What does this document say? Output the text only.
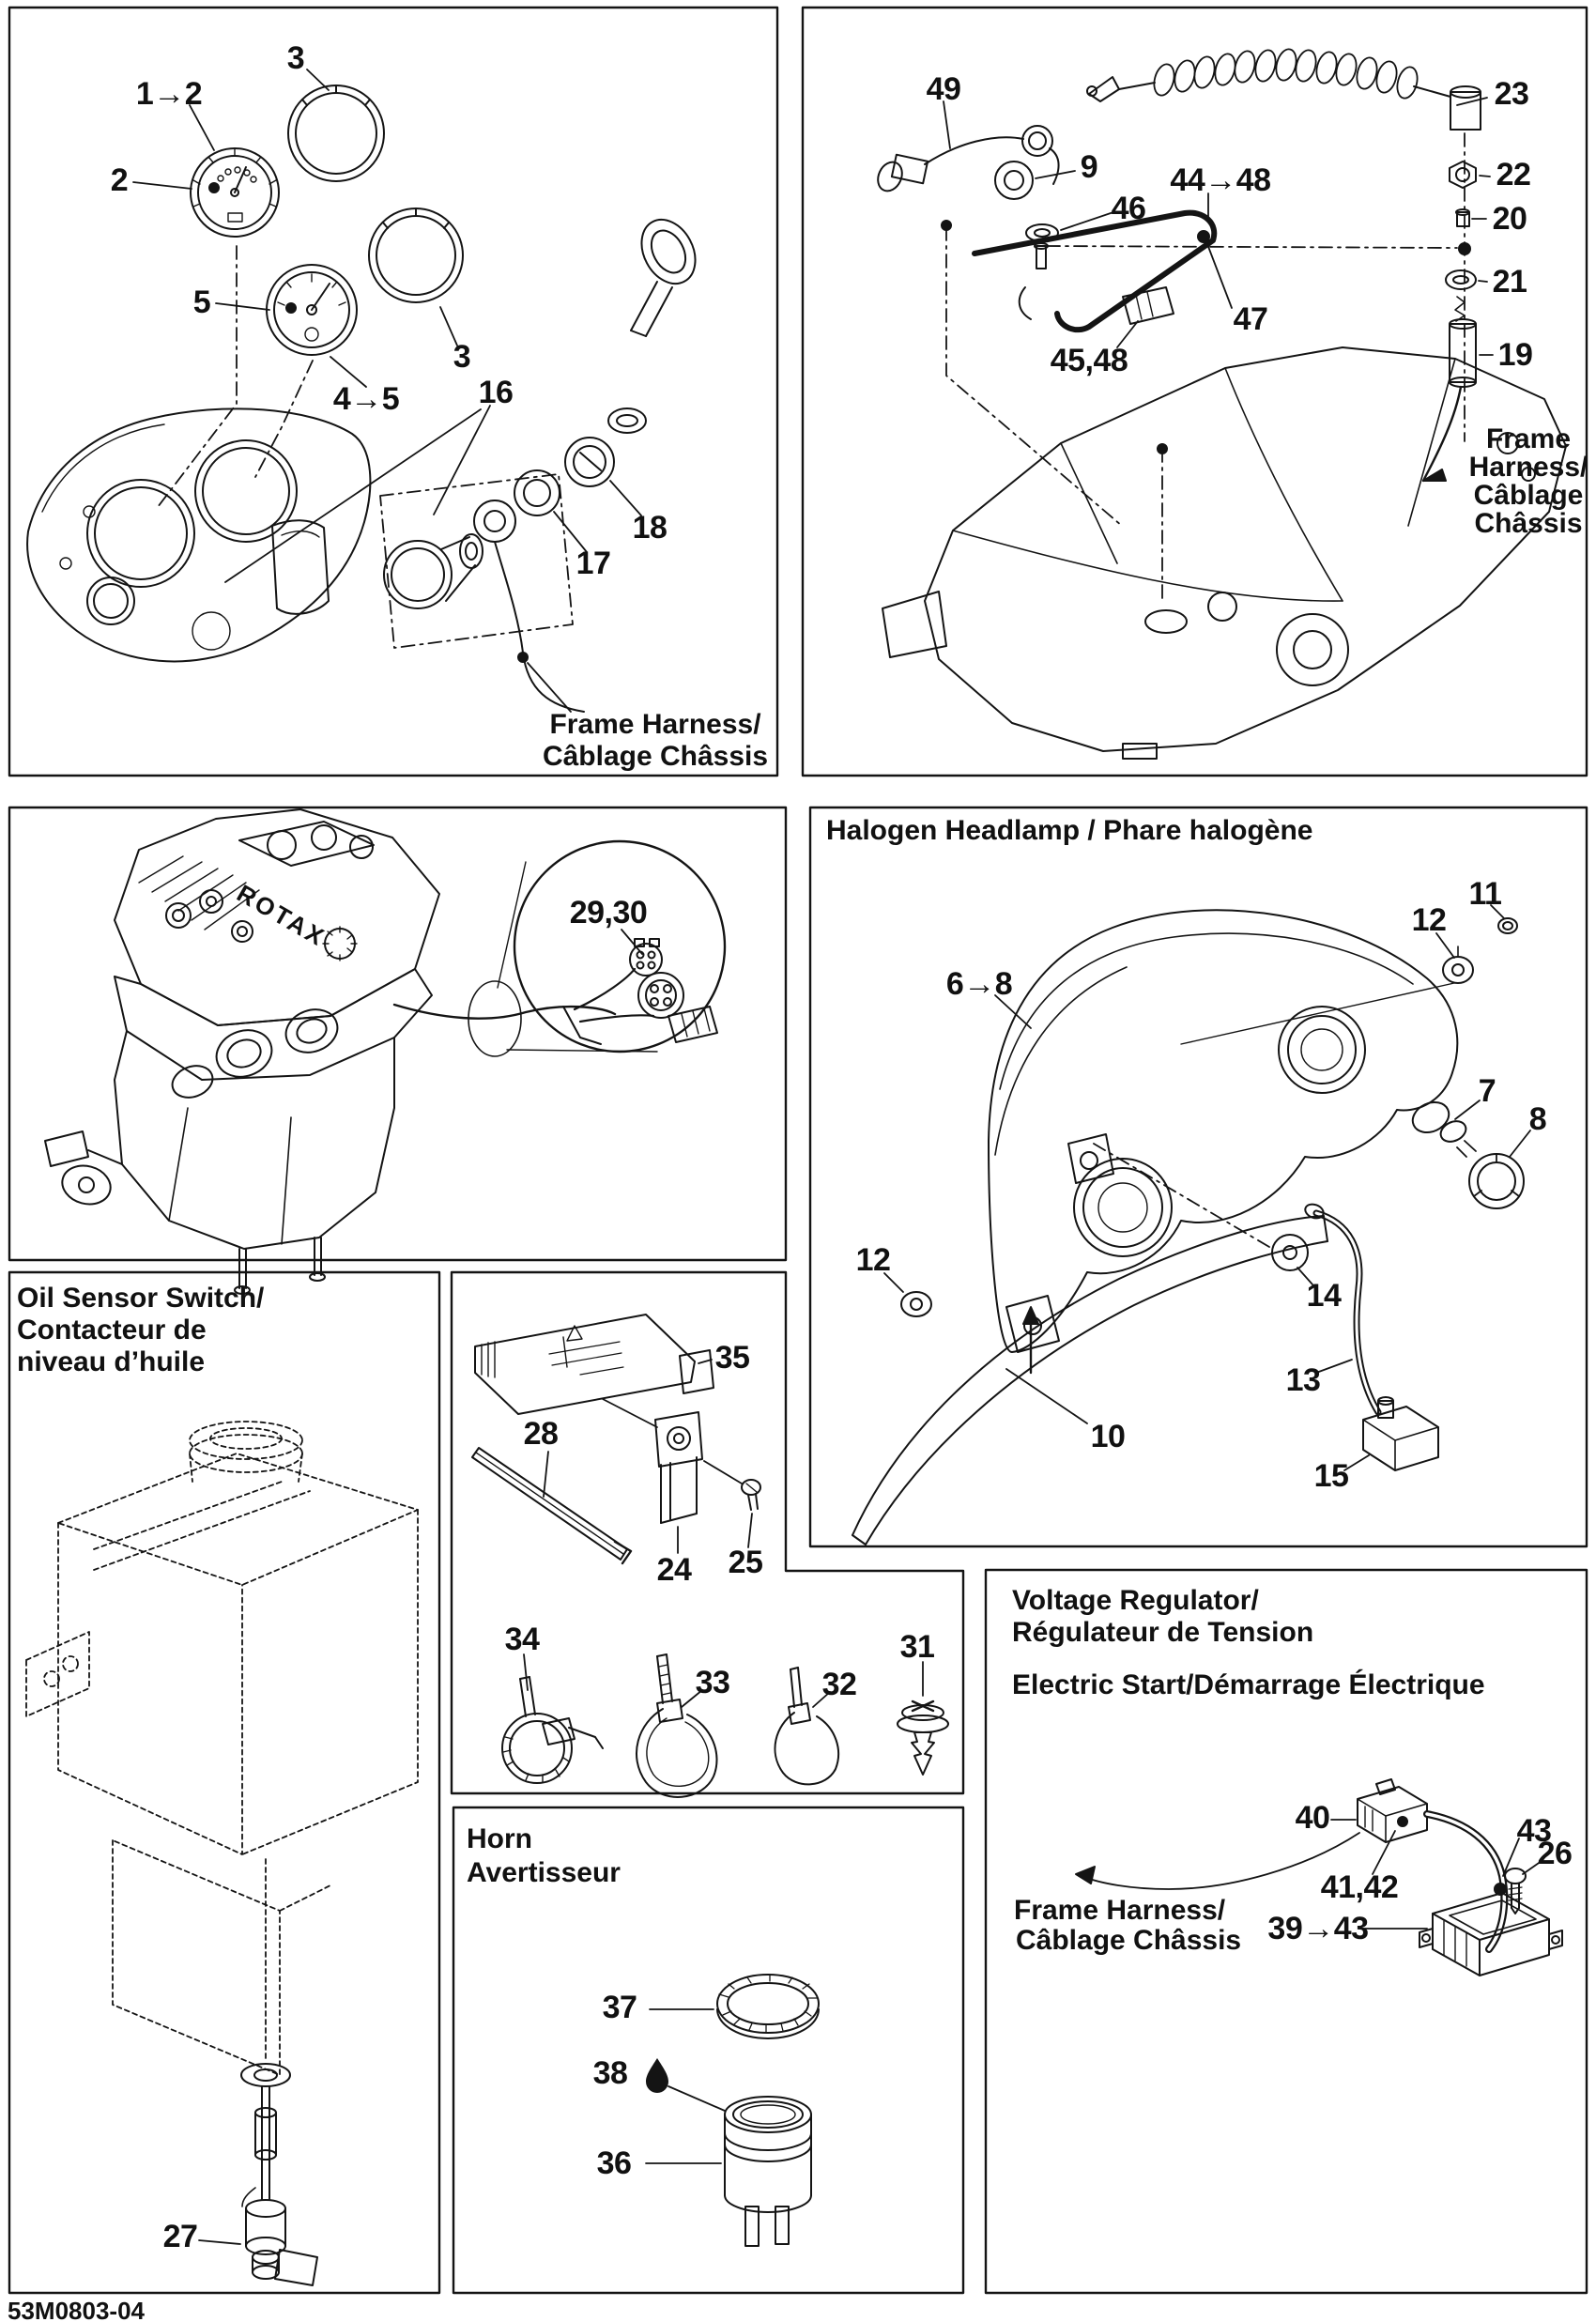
3
1→2
2
5
3
4→5 16
17
18
Frame Harness/
Câblage Châssis
49	23
9
46
44→48	22
20
21
47
45,48	19
Frame
Harness/
Câblage
Châssis
29,30
ROTAX
Halogen Headlamp / Phare halogène
6→8
11
12
7
8
12
14
13
10
15
Oil Sensor Switch/
Contacteur de
niveau d’huile
27
35
28
24 25
34
33	32
31
Horn
Avertisseur
37
38
36
Voltage Regulator/
Régulateur de Tension
Electric Start/Démarrage Électrique
40	43
41,42
26
39→43
Frame Harness/
Câblage Châssis
53M0803-04
